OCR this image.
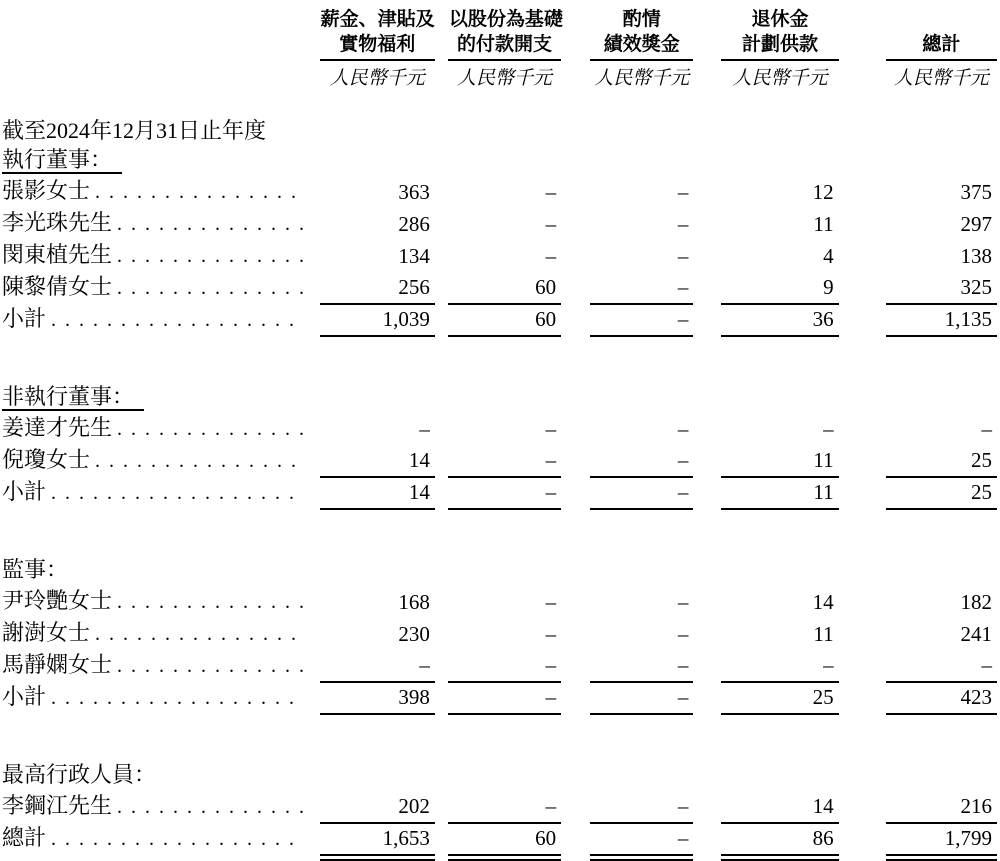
薪金、津貼及
實物福利

以股份為基礎
的付款開支

酌情
績效獎金

退休金
計劃供款		總計

		人民幣千元		人民幣千元		人民幣千元		人民幣千元		人民幣千元
截至2024年12月31日止年度										
執行董事：										

張影女士
. . .		363		–		–		12		375

李光珠先生
. . .		286		–		–		11		297

閔東植先生
. . .		134		–		–		4		138

陳黎倩女士
. . .		256		60		–		9		325

小計
. . .		1,039		60		–		36		1,135

非執行董事：										

姜達才先生
. . .		–		–		–		–		–

倪瓊女士
. . .		14		–		–		11		25

小計
. . .		14		–		–		11		25

監事：										

尹玲艷女士
. . .		168		–		–		14		182

謝澍女士
. . .		230		–		–		11		241

馬靜嫻女士
. . .		–		–		–		–		–

小計
. . .		398		–		–		25		423

最高行政人員：										

李鋼江先生
. . .		202		–		–		14		216

總計
. . .		1,653		60		–		86		1,799
